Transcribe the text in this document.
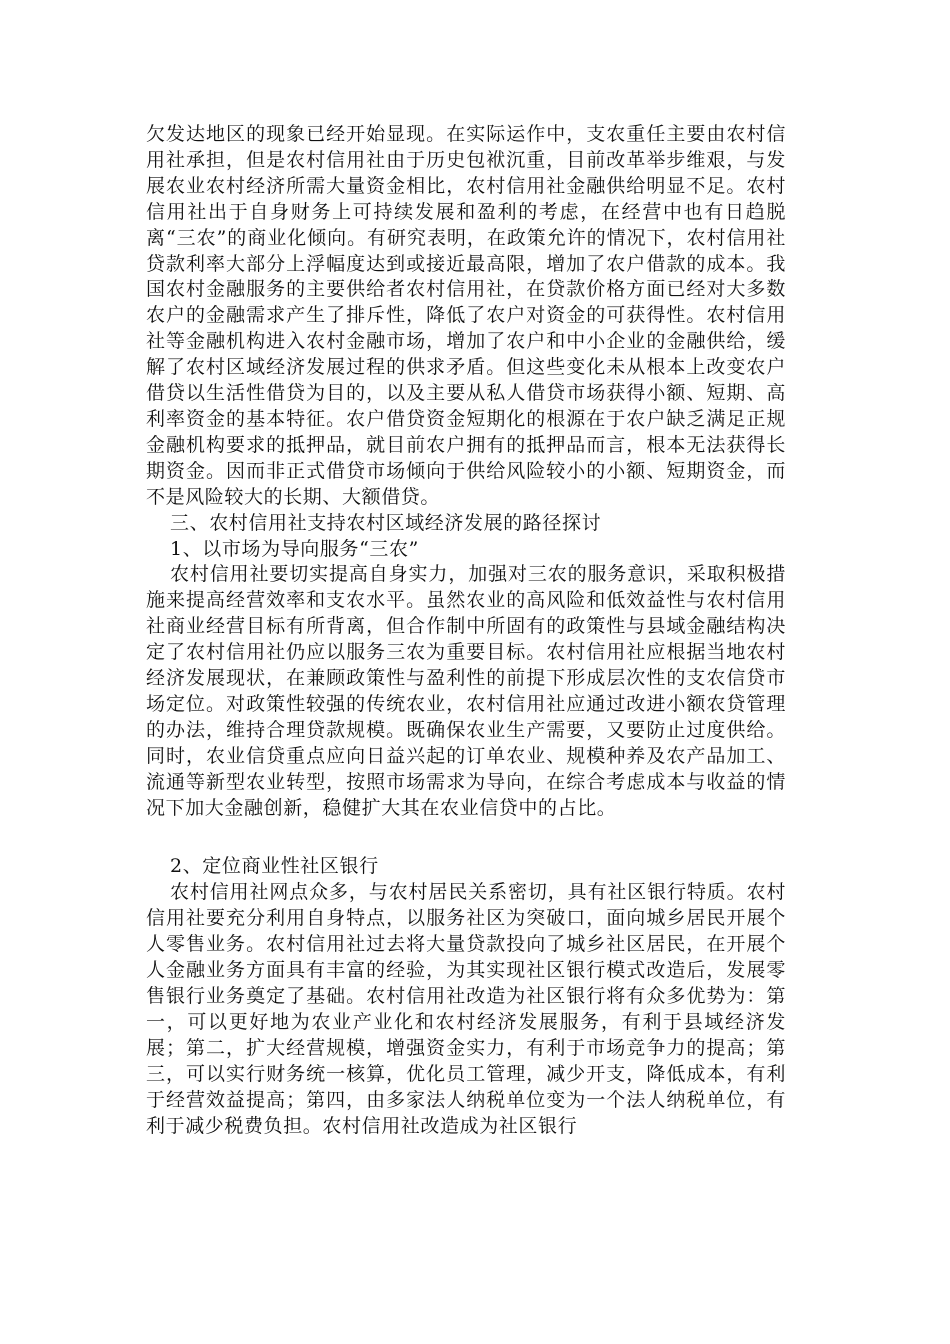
欠发达地区的现象已经开始显现。在实际运作中，支农重任主要由农村信用社承担，但是农村信用社由于历史包袱沉重，目前改革举步维艰，与发展农业农村经济所需大量资金相比，农村信用社金融供给明显不足。农村信用社出于自身财务上可持续发展和盈利的考虑，在经营中也有日趋脱离“三农”的商业化倾向。有研究表明，在政策允许的情况下，农村信用社贷款利率大部分上浮幅度达到或接近最高限，增加了农户借款的成本。我国农村金融服务的主要供给者农村信用社，在贷款价格方面已经对大多数农户的金融需求产生了排斥性，降低了农户对资金的可获得性。农村信用社等金融机构进入农村金融市场，增加了农户和中小企业的金融供给，缓解了农村区域经济发展过程的供求矛盾。但这些变化未从根本上改变农户借贷以生活性借贷为目的，以及主要从私人借贷市场获得小额、短期、高利率资金的基本特征。农户借贷资金短期化的根源在于农户缺乏满足正规金融机构要求的抵押品，就目前农户拥有的抵押品而言，根本无法获得长期资金。因而非正式借贷市场倾向于供给风险较小的小额、短期资金，而不是风险较大的长期、大额借贷。

三、农村信用社支持农村区域经济发展的路径探讨

1、以市场为导向服务“三农”

农村信用社要切实提高自身实力，加强对三农的服务意识，采取积极措施来提高经营效率和支农水平。虽然农业的高风险和低效益性与农村信用社商业经营目标有所背离，但合作制中所固有的政策性与县域金融结构决定了农村信用社仍应以服务三农为重要目标。农村信用社应根据当地农村经济发展现状，在兼顾政策性与盈利性的前提下形成层次性的支农信贷市场定位。对政策性较强的传统农业，农村信用社应通过改进小额农贷管理的办法，维持合理贷款规模。既确保农业生产需要，又要防止过度供给。同时，农业信贷重点应向日益兴起的订单农业、规模种养及农产品加工、流通等新型农业转型，按照市场需求为导向，在综合考虑成本与收益的情况下加大金融创新，稳健扩大其在农业信贷中的占比。

2、定位商业性社区银行

农村信用社网点众多，与农村居民关系密切，具有社区银行特质。农村信用社要充分利用自身特点，以服务社区为突破口，面向城乡居民开展个人零售业务。农村信用社过去将大量贷款投向了城乡社区居民，在开展个人金融业务方面具有丰富的经验，为其实现社区银行模式改造后，发展零售银行业务奠定了基础。农村信用社改造为社区银行将有众多优势为：第一，可以更好地为农业产业化和农村经济发展服务，有利于县域经济发展；第二，扩大经营规模，增强资金实力，有利于市场竞争力的提高；第三，可以实行财务统一核算，优化员工管理，减少开支，降低成本，有利于经营效益提高；第四，由多家法人纳税单位变为一个法人纳税单位，有利于减少税费负担。农村信用社改造成为社区银行
